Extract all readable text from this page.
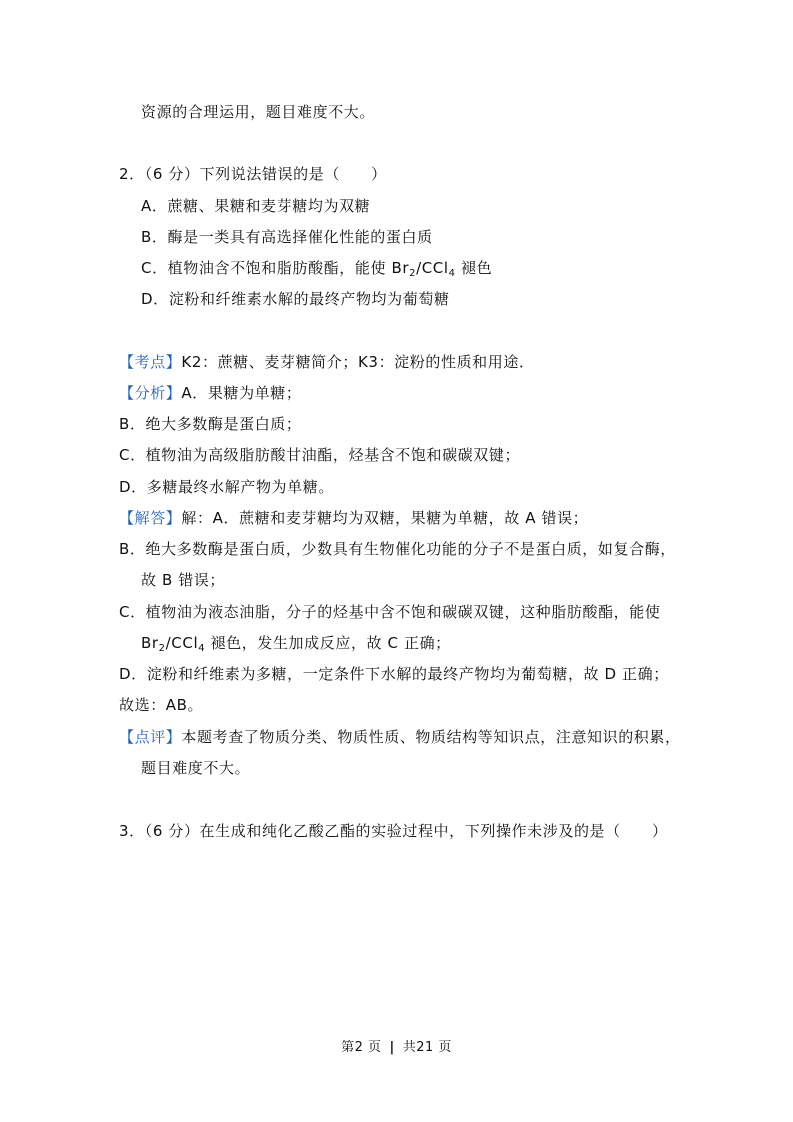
资源的合理运用，题目难度不大。
2．（6 分）下列说法错误的是（　　）
A．蔗糖、果糖和麦芽糖均为双糖
B．酶是一类具有高选择催化性能的蛋白质
C．植物油含不饱和脂肪酸酯，能使 $Br_2/CCl_4$ 褪色
D．淀粉和纤维素水解的最终产物均为葡萄糖
【考点】K2：蔗糖、麦芽糖简介；K3：淀粉的性质和用途．
【分析】A．果糖为单糖；
B．绝大多数酶是蛋白质；
C．植物油为高级脂肪酸甘油酯，烃基含不饱和碳碳双键；
D．多糖最终水解产物为单糖。
【解答】解：A．蔗糖和麦芽糖均为双糖，果糖为单糖，故 A 错误；
B．绝大多数酶是蛋白质，少数具有生物催化功能的分子不是蛋白质，如复合酶，
故 B 错误；
C．植物油为液态油脂，分子的烃基中含不饱和碳碳双键，这种脂肪酸酯，能使
$Br_2/CCl_4$ 褪色，发生加成反应，故 C 正确；
D．淀粉和纤维素为多糖，一定条件下水解的最终产物均为葡萄糖，故 D 正确；
故选：AB。
【点评】本题考查了物质分类、物质性质、物质结构等知识点，注意知识的积累，
题目难度不大。
3．（6 分）在生成和纯化乙酸乙酯的实验过程中，下列操作未涉及的是（　　）
第2 页 | 共21 页
